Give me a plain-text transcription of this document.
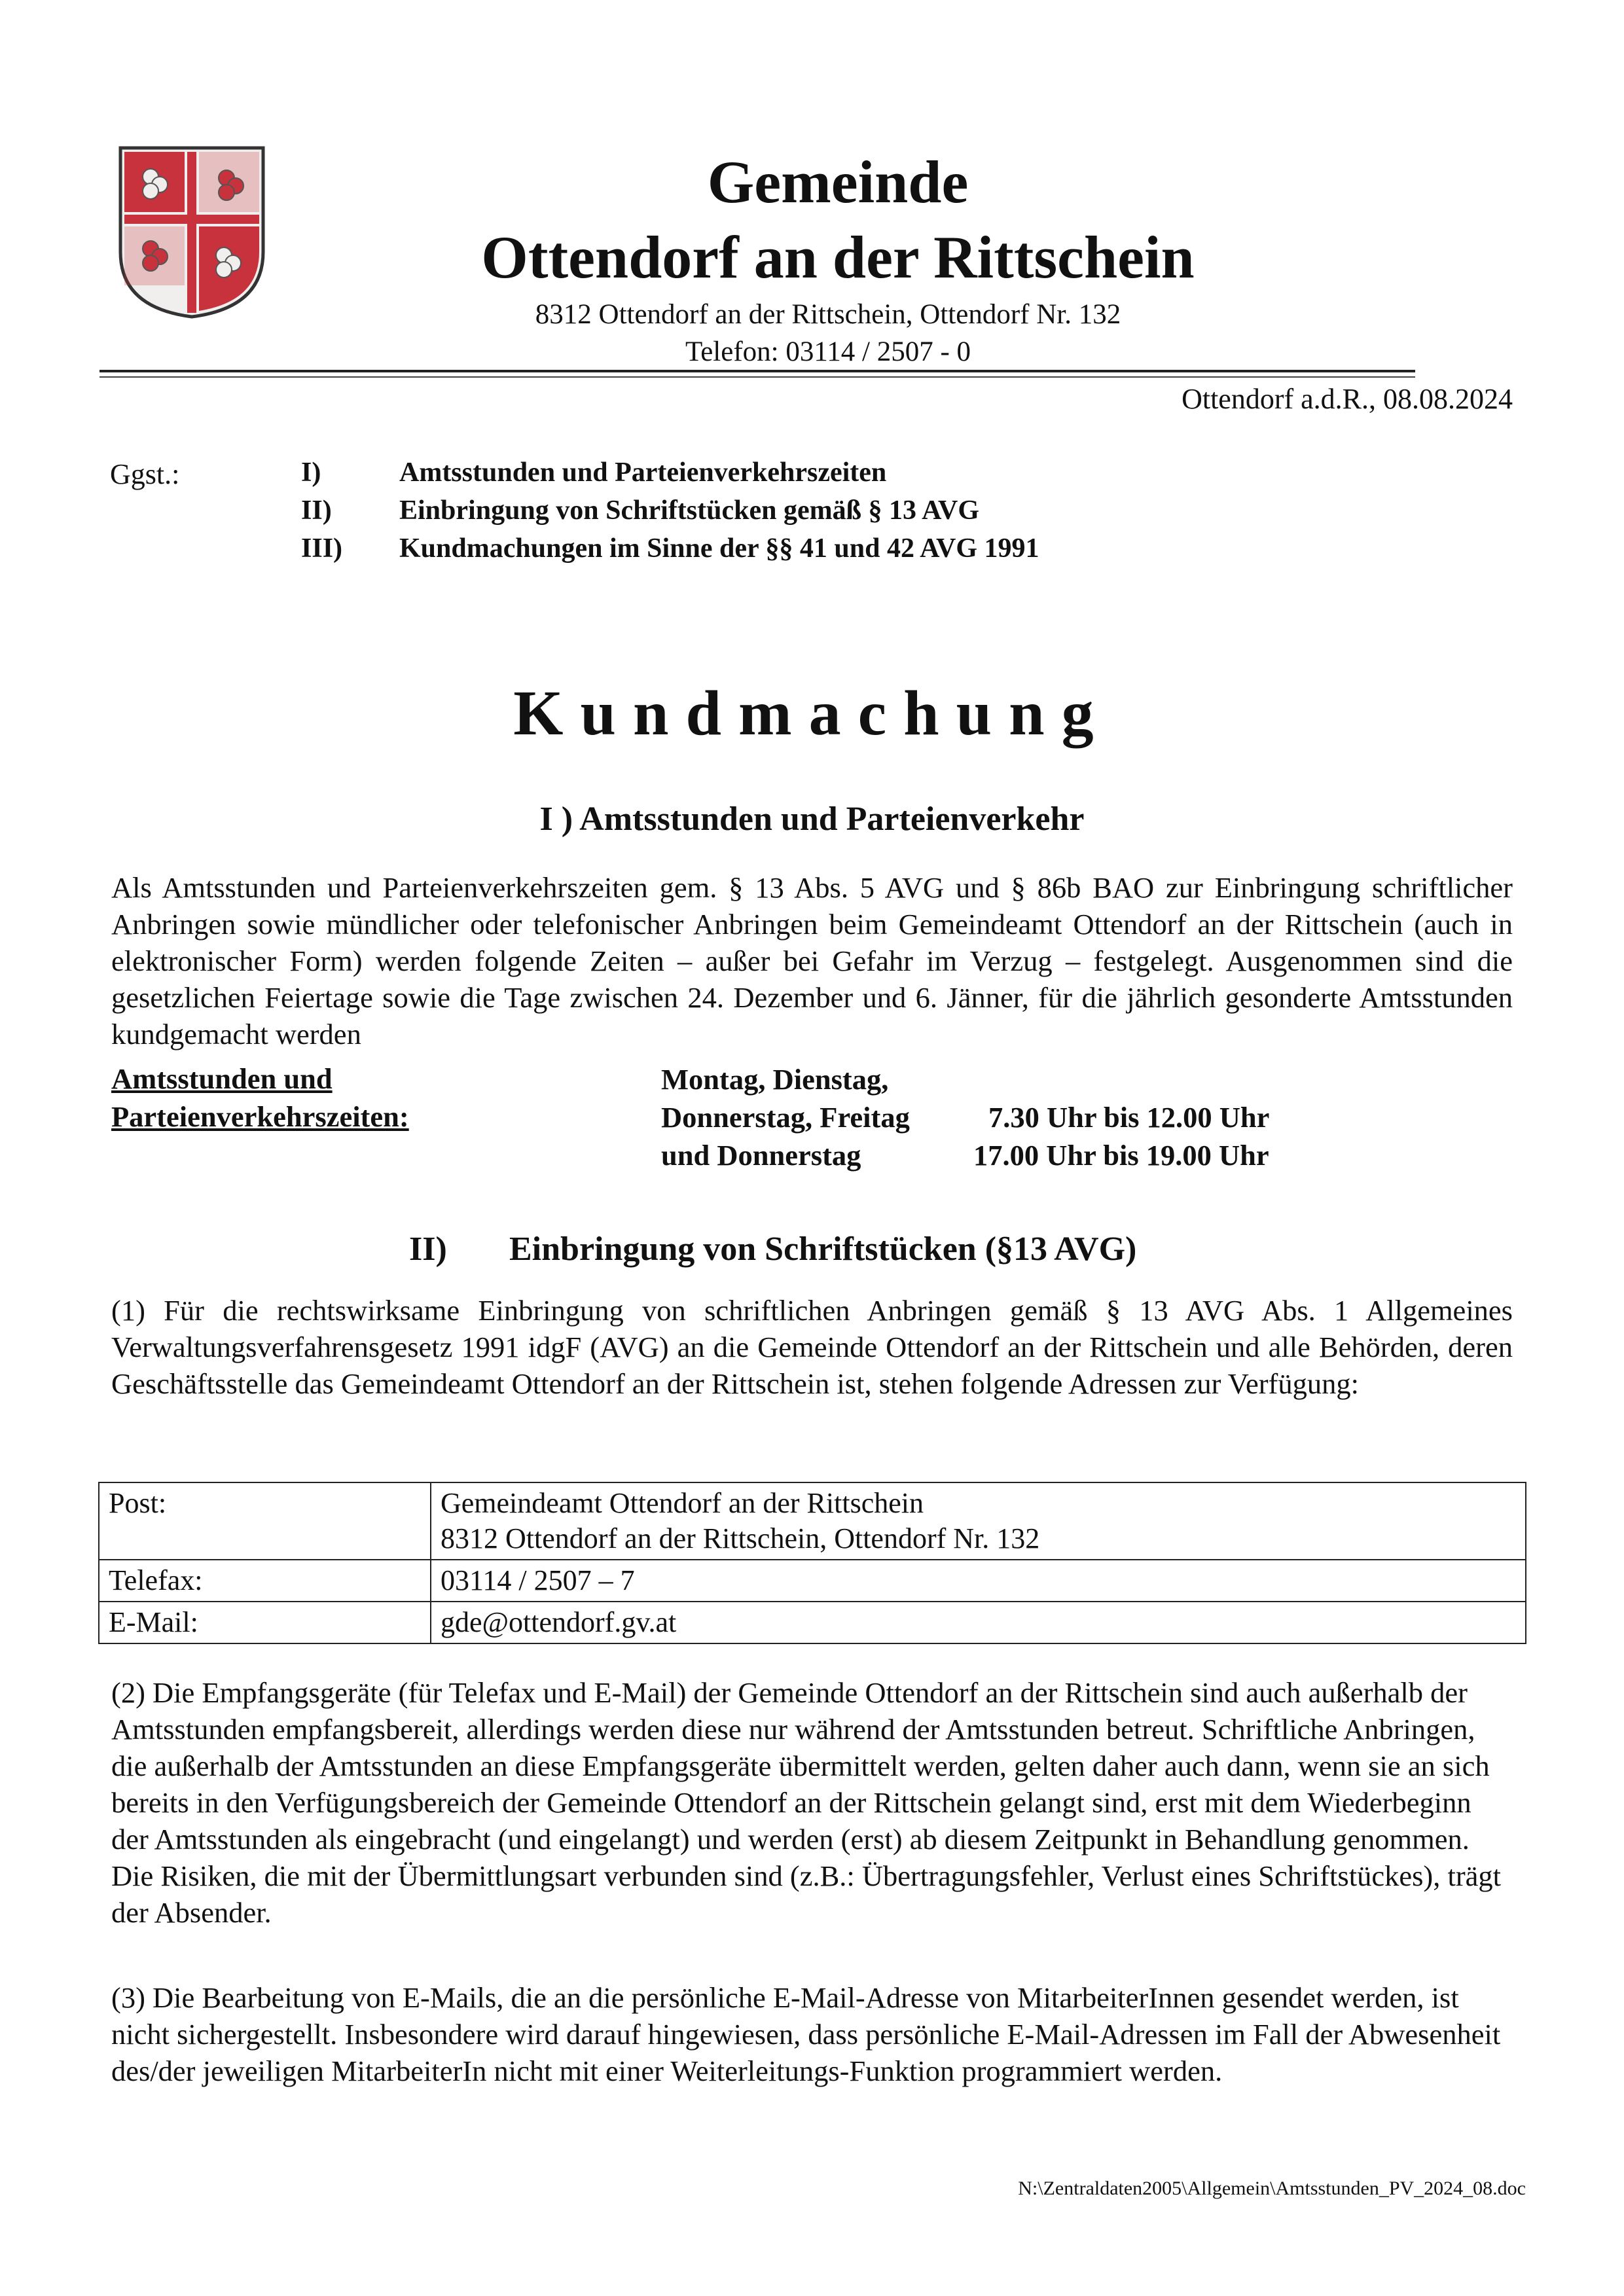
Gemeinde
Ottendorf an der Rittschein
8312 Ottendorf an der Rittschein, Ottendorf Nr. 132
Telefon: 03114 / 2507 - 0
Ottendorf a.d.R., 08.08.2024
Ggst.:	I)	Amtsstunden und Parteienverkehrszeiten
II) Einbringung von Schriftstücken gemäß § 13 AVG
III) Kundmachungen im Sinne der §§ 41 und 42 AVG 1991
Kundmachung
I ) Amtsstunden und Parteienverkehr
Als Amtsstunden und Parteienverkehrszeiten gem. § 13 Abs. 5 AVG und § 86b BAO zur Einbringung schriftlicher Anbringen sowie mündlicher oder telefonischer Anbringen beim Gemeindeamt Ottendorf an der Rittschein (auch in elektronischer Form) werden folgende Zeiten – außer bei Gefahr im Verzug – festgelegt. Ausgenommen sind die gesetzlichen Feiertage sowie die Tage zwischen 24. Dezember und 6. Jänner, für die jährlich gesonderte Amtsstunden kundgemacht werden
Amtsstunden und
Parteienverkehrszeiten:
Montag, Dienstag,
Donnerstag, Freitag	7.30 Uhr bis 12.00 Uhr
und Donnerstag	17.00 Uhr bis 19.00 Uhr
II) Einbringung von Schriftstücken (§13 AVG)
(1) Für die rechtswirksame Einbringung von schriftlichen Anbringen gemäß § 13 AVG Abs. 1 Allgemeines Verwaltungsverfahrensgesetz 1991 idgF (AVG) an die Gemeinde Ottendorf an der Rittschein und alle Behörden, deren Geschäftsstelle das Gemeindeamt Ottendorf an der Rittschein ist, stehen folgende Adressen zur Verfügung:
Post:	Gemeindeamt Ottendorf an der Rittschein
8312 Ottendorf an der Rittschein, Ottendorf Nr. 132

Telefax:	03114 / 2507 – 7
E-Mail:	gde@ottendorf.gv.at
(2) Die Empfangsgeräte (für Telefax und E-Mail) der Gemeinde Ottendorf an der Rittschein sind auch außerhalb der Amtsstunden empfangsbereit, allerdings werden diese nur während der Amtsstunden betreut. Schriftliche Anbringen, die außerhalb der Amtsstunden an diese Empfangsgeräte übermittelt werden, gelten daher auch dann, wenn sie an sich bereits in den Verfügungsbereich der Gemeinde Ottendorf an der Rittschein gelangt sind, erst mit dem Wiederbeginn der Amtsstunden als eingebracht (und eingelangt) und werden (erst) ab diesem Zeitpunkt in Behandlung genommen. Die Risiken, die mit der Übermittlungsart verbunden sind (z.B.: Übertragungsfehler, Verlust eines Schriftstückes), trägt der Absender.
(3) Die Bearbeitung von E-Mails, die an die persönliche E-Mail-Adresse von MitarbeiterInnen gesendet werden, ist nicht sichergestellt. Insbesondere wird darauf hingewiesen, dass persönliche E-Mail-Adressen im Fall der Abwesenheit des/der jeweiligen MitarbeiterIn nicht mit einer Weiterleitungs-Funktion programmiert werden.
N:\Zentraldaten2005\Allgemein\Amtsstunden_PV_2024_08.doc
